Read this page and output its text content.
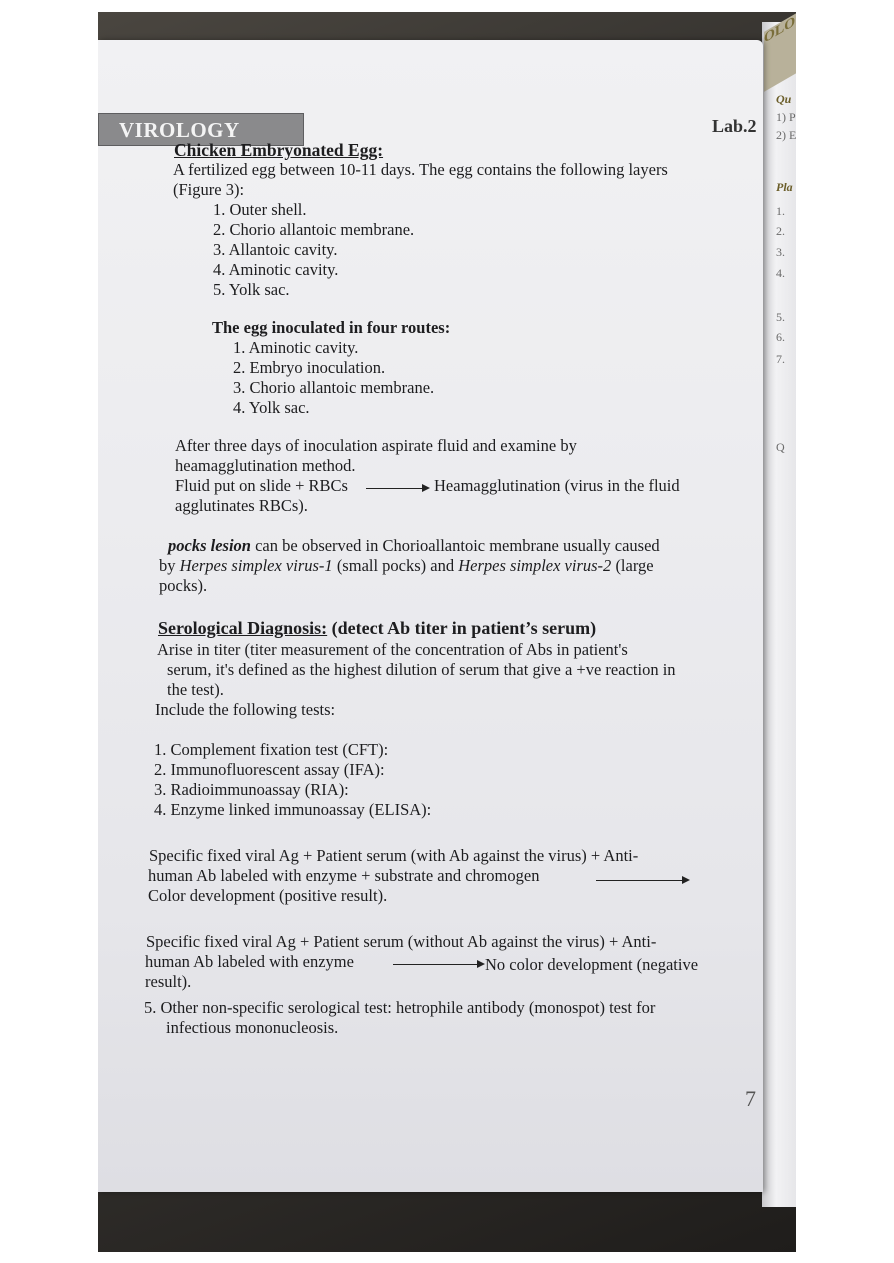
OLO
Qu
1) P
2) E
Pla
1.
2.
3.
4.
5.
6.
7.
Q
VIROLOGY	Lab.2
Chicken Embryonated Egg:
A fertilized egg between 10-11 days. The egg contains the following layers
(Figure 3):
1. Outer shell.
2. Chorio allantoic membrane.
3. Allantoic cavity.
4. Aminotic cavity.
5. Yolk sac.
The egg inoculated in four routes:
1. Aminotic cavity.
2. Embryo inoculation.
3. Chorio allantoic membrane.
4. Yolk sac.
After three days of inoculation aspirate fluid and examine by
heamagglutination method.
Fluid put on slide + RBCs → Heamagglutination (virus in the fluid
agglutinates RBCs).
pocks lesion can be observed in Chorioallantoic membrane usually caused
by Herpes simplex virus-1 (small pocks) and Herpes simplex virus-2 (large
pocks).
Serological Diagnosis: (detect Ab titer in patient’s serum)
Arise in titer (titer measurement of the concentration of Abs in patient's
serum, it's defined as the highest dilution of serum that give a +ve reaction in
the test).
Include the following tests:
1. Complement fixation test (CFT):
2. Immunofluorescent assay (IFA):
3. Radioimmunoassay (RIA):
4. Enzyme linked immunoassay (ELISA):
Specific fixed viral Ag + Patient serum (with Ab against the virus) + Anti-
human Ab labeled with enzyme + substrate and chromogen
Color development (positive result).
Specific fixed viral Ag + Patient serum (without Ab against the virus) + Anti-
human Ab labeled with enzyme	No color development (negative
result).
5. Other non-specific serological test: hetrophile antibody (monospot) test for
infectious mononucleosis.
7
